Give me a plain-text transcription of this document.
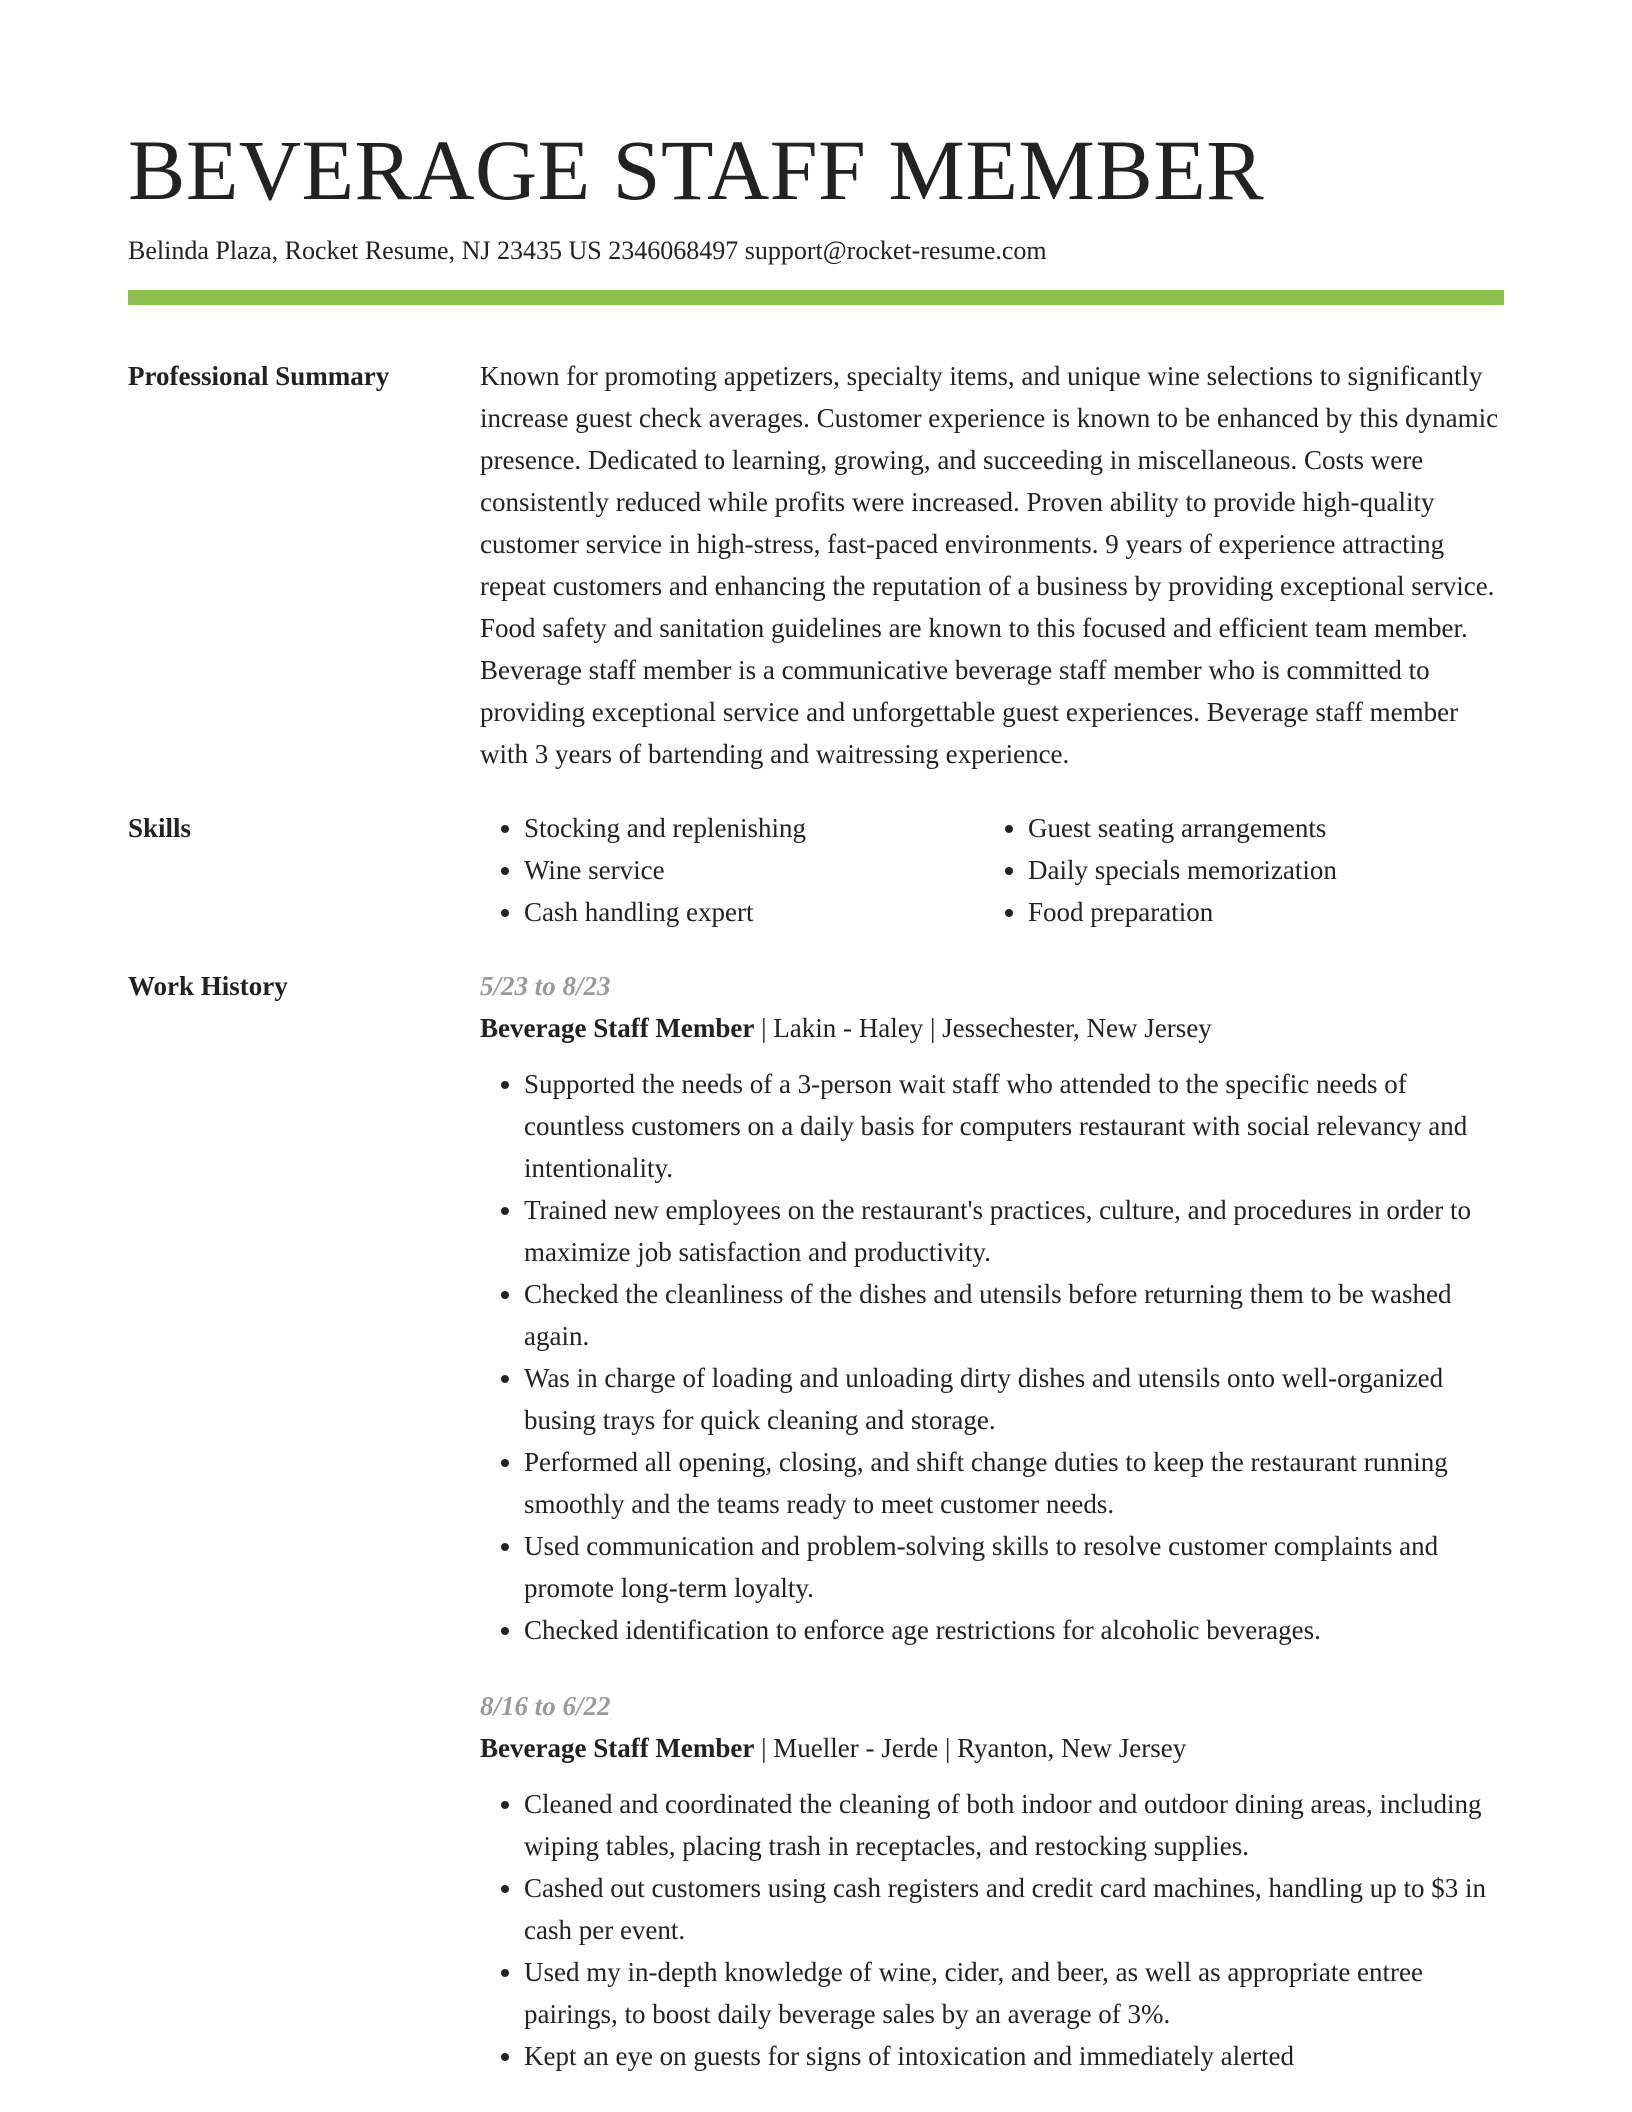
BEVERAGE STAFF MEMBER
Belinda Plaza, Rocket Resume, NJ 23435 US 2346068497 support@rocket-resume.com
Professional Summary	Known for promoting appetizers, specialty items, and unique wine selections to significantly increase guest check averages. Customer experience is known to be enhanced by this dynamic presence. Dedicated to learning, growing, and succeeding in miscellaneous. Costs were consistently reduced while profits were increased. Proven ability to provide high-quality customer service in high-stress, fast-paced environments. 9 years of experience attracting repeat customers and enhancing the reputation of a business by providing exceptional service. Food safety and sanitation guidelines are known to this focused and efficient team member. Beverage staff member is a communicative beverage staff member who is committed to providing exceptional service and unforgettable guest experiences. Beverage staff member with 3 years of bartending and waitressing experience.

Skills
•	Stocking and replenishing
• Wine service
• Cash handling expert
• Guest seating arrangements
• Daily specials memorization
• Food preparation
Work History	5/23 to 8/23
Beverage Staff Member | Lakin - Haley | Jessechester, New Jersey
• Supported the needs of a 3-person wait staff who attended to the specific needs of countless customers on a daily basis for computers restaurant with social relevancy and intentionality.
• Trained new employees on the restaurant's practices, culture, and procedures in order to maximize job satisfaction and productivity.
• Checked the cleanliness of the dishes and utensils before returning them to be washed again.
• Was in charge of loading and unloading dirty dishes and utensils onto well-organized busing trays for quick cleaning and storage.
• Performed all opening, closing, and shift change duties to keep the restaurant running smoothly and the teams ready to meet customer needs.
• Used communication and problem-solving skills to resolve customer complaints and promote long-term loyalty.
• Checked identification to enforce age restrictions for alcoholic beverages.
8/16 to 6/22
Beverage Staff Member | Mueller - Jerde | Ryanton, New Jersey
• Cleaned and coordinated the cleaning of both indoor and outdoor dining areas, including wiping tables, placing trash in receptacles, and restocking supplies.
• Cashed out customers using cash registers and credit card machines, handling up to $3 in cash per event.
• Used my in-depth knowledge of wine, cider, and beer, as well as appropriate entree pairings, to boost daily beverage sales by an average of 3%.
• Kept an eye on guests for signs of intoxication and immediately alerted
